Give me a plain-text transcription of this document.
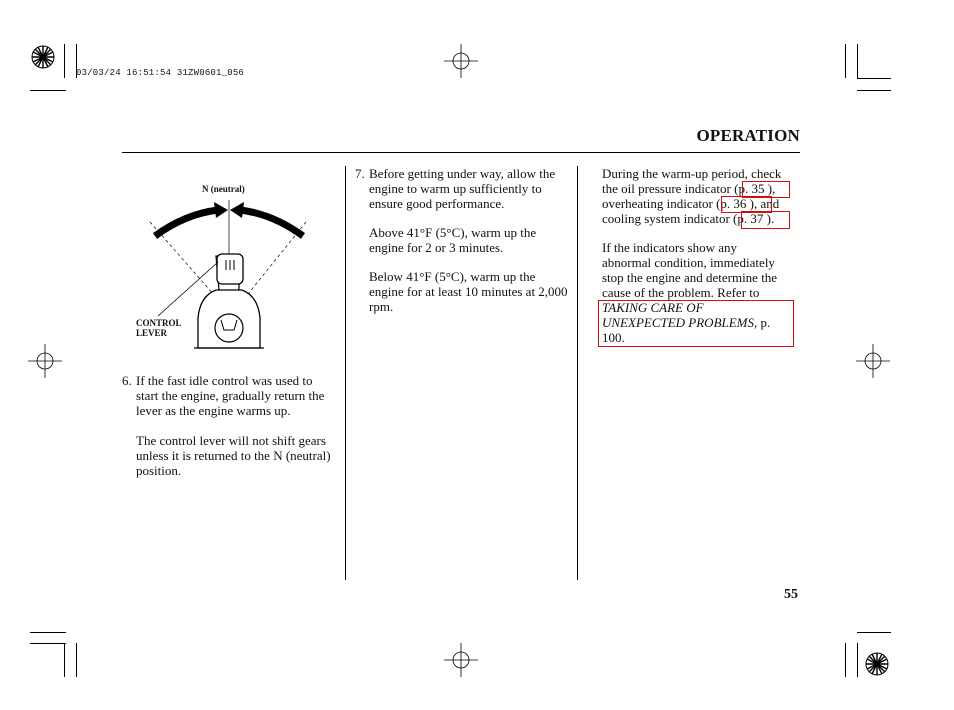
03/03/24 16:51:54 31ZW0601_056
OPERATION
N (neutral)
CONTROL
LEVER
6. If the fast idle control was used to start the engine, gradually return the lever as the engine warms up.
The control lever will not shift gears unless it is returned to the N (neutral) position.
7. Before getting under way, allow the engine to warm up sufficiently to ensure good performance.
Above 41°F (5°C), warm up the engine for 2 or 3 minutes.
Below 41°F (5°C), warm up the engine for at least 10 minutes at 2,000 rpm.
During the warm-up period, check
the oil pressure indicator (p. 35 ),
overheating indicator (p. 36 ), and
cooling system indicator (p. 37 ).
If the indicators show any
abnormal condition, immediately
stop the engine and determine the
cause of the problem. Refer to
TAKING CARE OF
UNEXPECTED PROBLEMS, p.
100.
55
